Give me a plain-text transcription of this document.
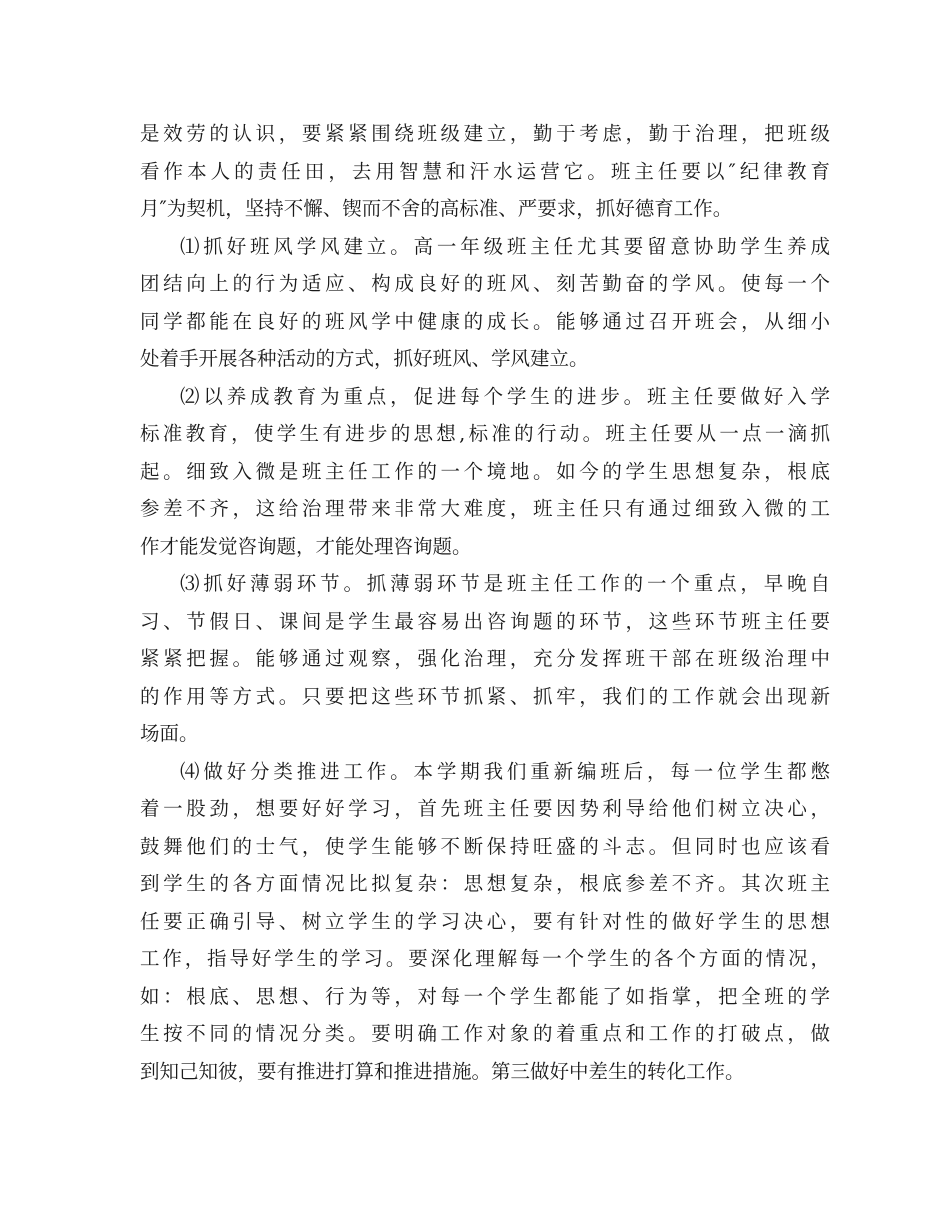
是效劳的认识，要紧紧围绕班级建立，勤于考虑，勤于治理，把班级
看作本人的责任田，去用智慧和汗水运营它。班主任要以″纪律教育
月″为契机，坚持不懈、锲而不舍的高标准、严要求，抓好德育工作。
⑴抓好班风学风建立。高一年级班主任尤其要留意协助学生养成
团结向上的行为适应、构成良好的班风、刻苦勤奋的学风。使每一个
同学都能在良好的班风学中健康的成长。能够通过召开班会，从细小
处着手开展各种活动的方式，抓好班风、学风建立。
⑵以养成教育为重点，促进每个学生的进步。班主任要做好入学
标准教育，使学生有进步的思想,标准的行动。班主任要从一点一滴抓
起。细致入微是班主任工作的一个境地。如今的学生思想复杂，根底
参差不齐，这给治理带来非常大难度，班主任只有通过细致入微的工
作才能发觉咨询题，才能处理咨询题。
⑶抓好薄弱环节。抓薄弱环节是班主任工作的一个重点，早晚自
习、节假日、课间是学生最容易出咨询题的环节，这些环节班主任要
紧紧把握。能够通过观察，强化治理，充分发挥班干部在班级治理中
的作用等方式。只要把这些环节抓紧、抓牢，我们的工作就会出现新
场面。
⑷做好分类推进工作。本学期我们重新编班后，每一位学生都憋
着一股劲，想要好好学习，首先班主任要因势利导给他们树立决心，
鼓舞他们的士气，使学生能够不断保持旺盛的斗志。但同时也应该看
到学生的各方面情况比拟复杂：思想复杂，根底参差不齐。其次班主
任要正确引导、树立学生的学习决心，要有针对性的做好学生的思想
工作，指导好学生的学习。要深化理解每一个学生的各个方面的情况，
如：根底、思想、行为等，对每一个学生都能了如指掌，把全班的学
生按不同的情况分类。要明确工作对象的着重点和工作的打破点，做
到知己知彼，要有推进打算和推进措施。第三做好中差生的转化工作。
